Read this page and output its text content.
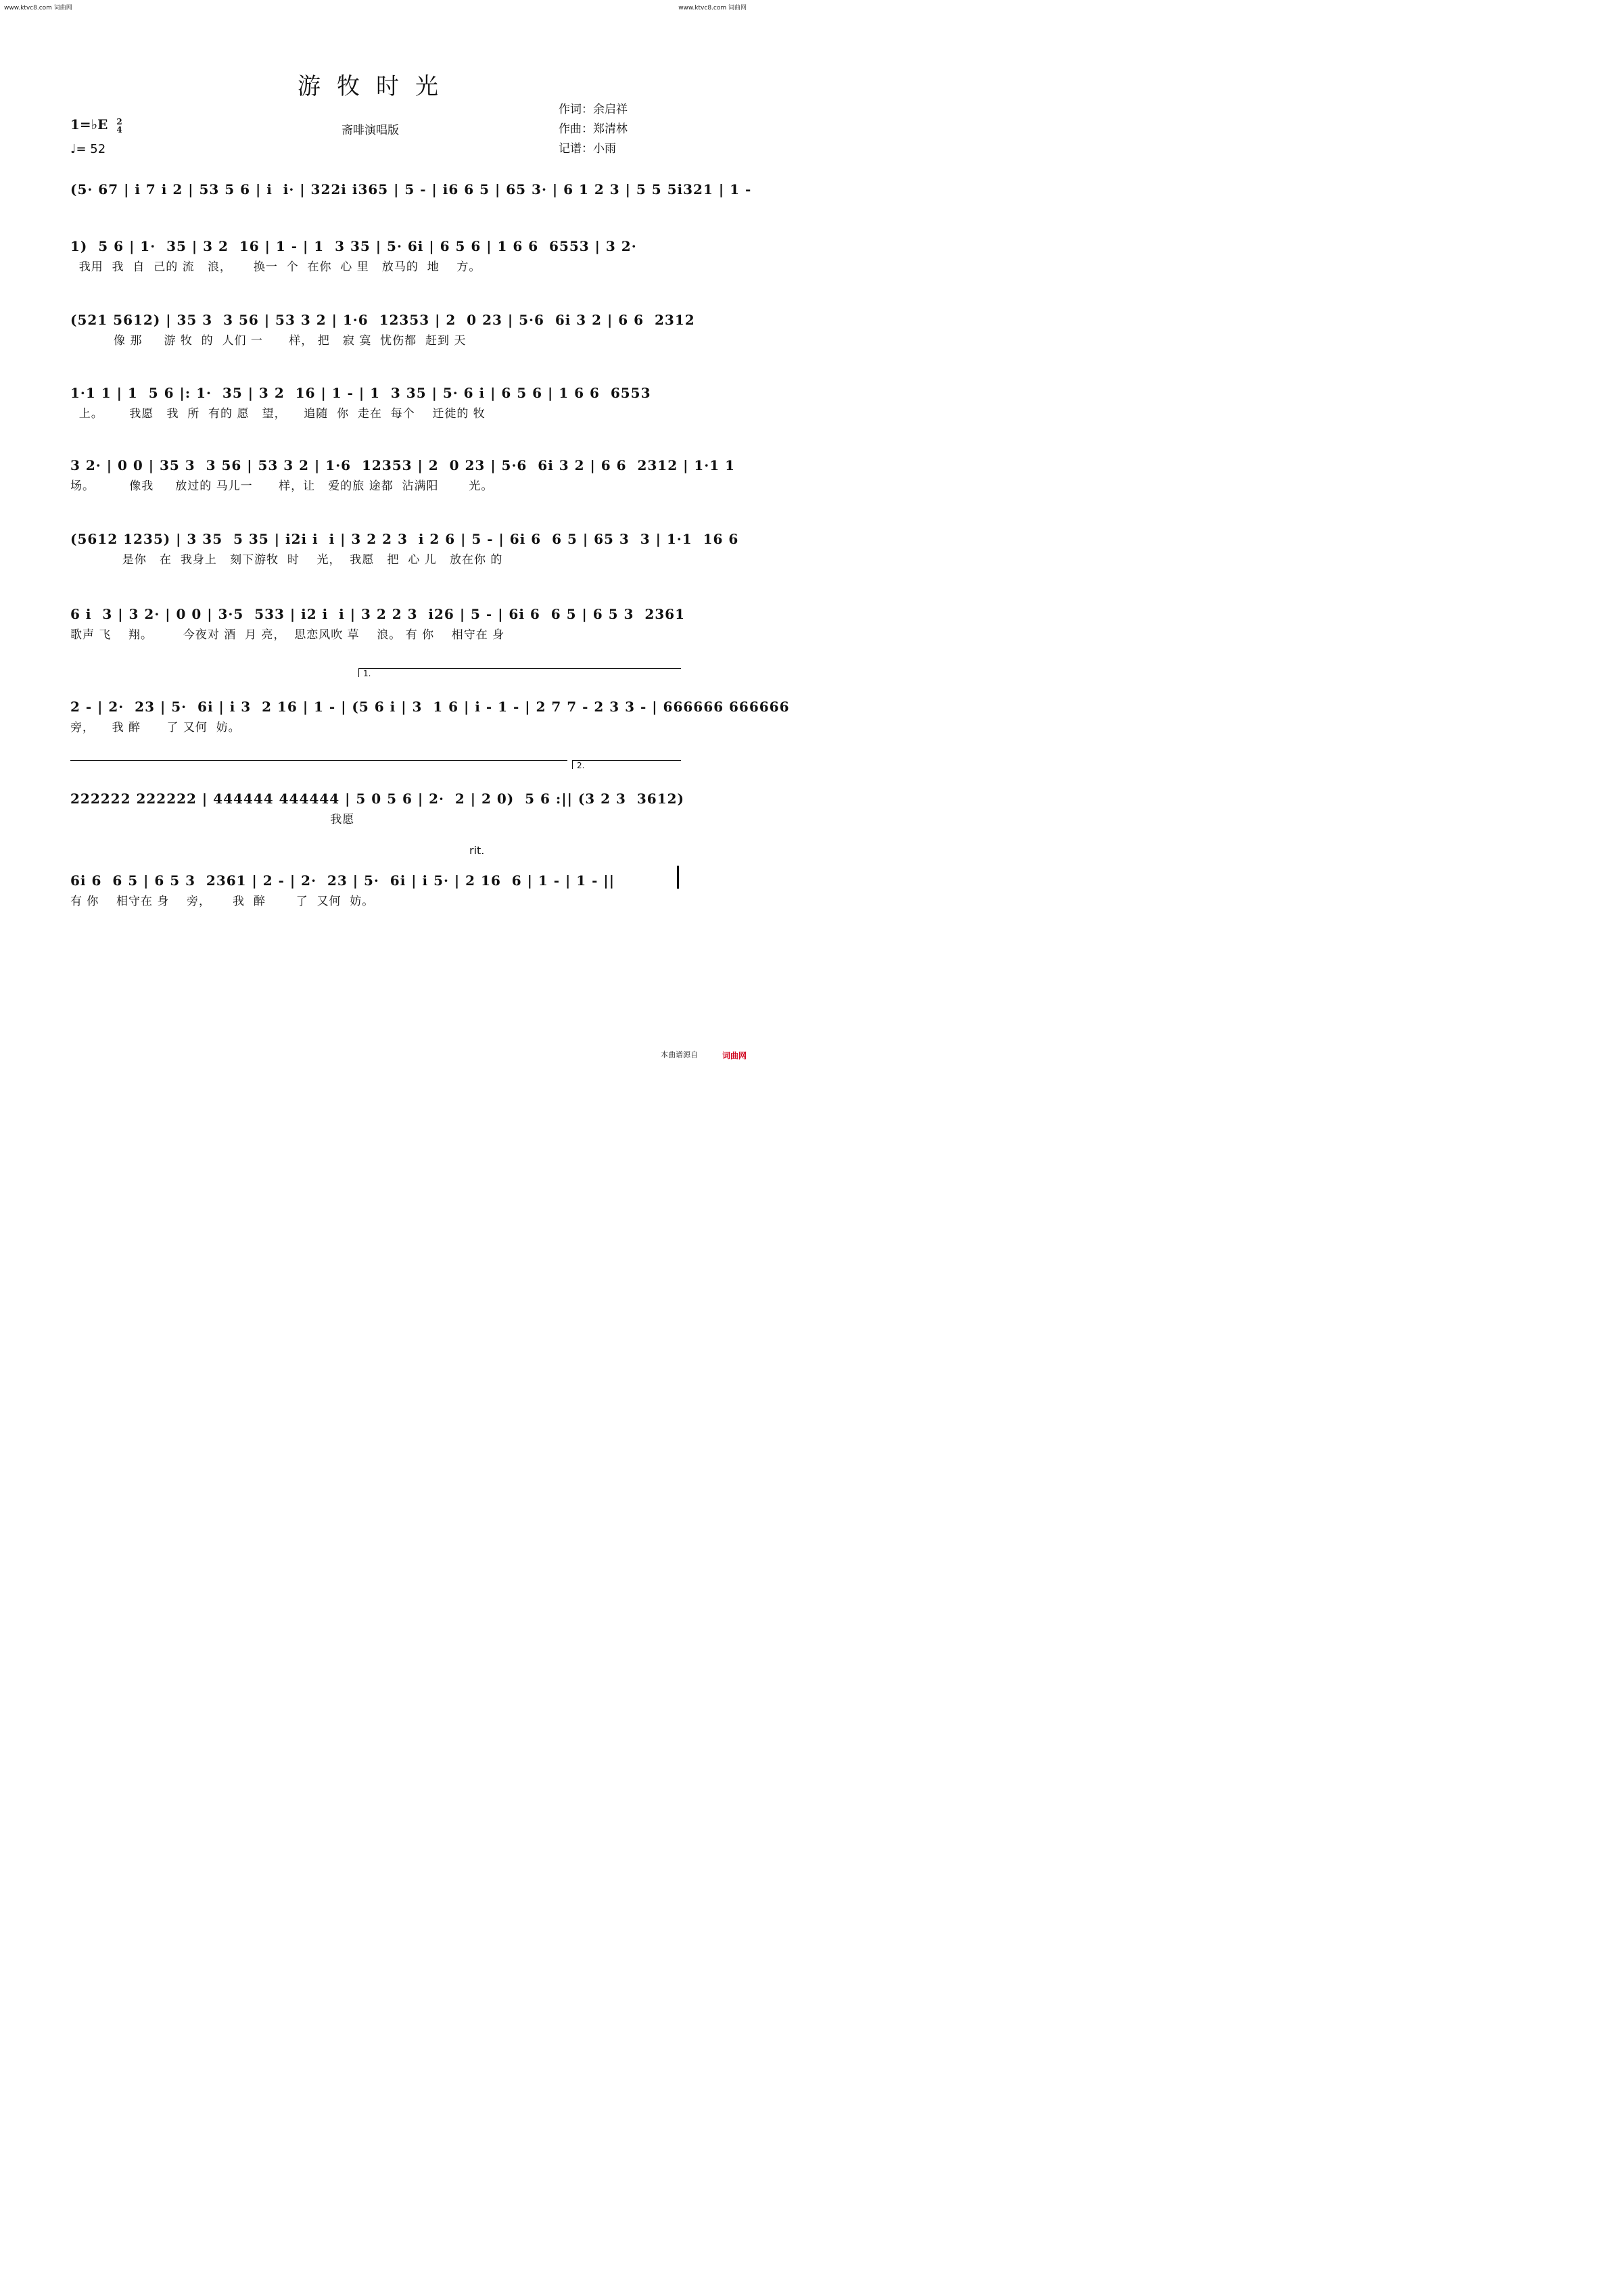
www.ktvc8.com 词曲网	www.ktvc8.com 词曲网
游牧时光
1=♭E 2
4
♩= 52
斋啡演唱版
作词：余启祥
作曲：郑清林
记谱：小雨
(5· 67 | i 7 i 2 | 53 5 6 | i  i· | 322i i365 | 5 - | i6 6 5 | 65 3· | 6 1 2 3 | 5 5 5i321 | 1 -
1)  5 6 | 1·  35 | 3 2  16 | 1 - | 1  3 35 | 5· 6i | 6 5 6 | 1 6 6  6553 | 3 2·
我用  我  自  己的 流   浪，     换一  个  在你  心 里   放马的  地    方。
(521 5612) | 35 3  3 56 | 53 3 2 | 1·6  12353 | 2  0 23 | 5·6  6i 3 2 | 6 6  2312
像 那     游 牧  的  人们 一      样， 把   寂 寞  忧伤都  赶到 天
1·1 1 | 1  5 6 |: 1·  35 | 3 2  16 | 1 - | 1  3 35 | 5· 6 i | 6 5 6 | 1 6 6  6553
上。      我愿   我  所  有的 愿   望，    追随  你  走在  每个    迁徙的 牧
3 2· | 0 0 | 35 3  3 56 | 53 3 2 | 1·6  12353 | 2  0 23 | 5·6  6i 3 2 | 6 6  2312 | 1·1 1
场。        像我     放过的 马儿一      样，让   爱的旅 途都  沾满阳       光。
(5612 1235) | 3 35  5 35 | i2i i  i | 3 2 2 3  i 2 6 | 5 - | 6i 6  6 5 | 65 3  3 | 1·1  16 6
是你   在  我身上   刻下游牧  时    光，  我愿   把  心 儿   放在你 的
6 i  3 | 3 2· | 0 0 | 3·5  533 | i2 i  i | 3 2 2 3  i26 | 5 - | 6i 6  6 5 | 6 5 3  2361
歌声 飞    翔。       今夜对 酒  月 亮，  思恋风吹 草    浪。 有 你    相守在 身
1.
2 - | 2·  23 | 5·  6i | i 3  2 16 | 1 - | (5 6 i | 3  1 6 | i - 1 - | 2 7 7 - 2 3 3 - | 666666 666666
旁，    我 醉      了 又何  妨。
2.
222222 222222 | 444444 444444 | 5 0 5 6 | 2·  2 | 2 0)  5 6 :|| (3 2 3  3612)
我愿
rit.
6i 6  6 5 | 6 5 3  2361 | 2 - | 2·  23 | 5·  6i | i 5· | 2 16  6 | 1 - | 1 - ||
有 你    相守在 身    旁，     我  醉       了  又何  妨。
本曲谱源自	词曲网
